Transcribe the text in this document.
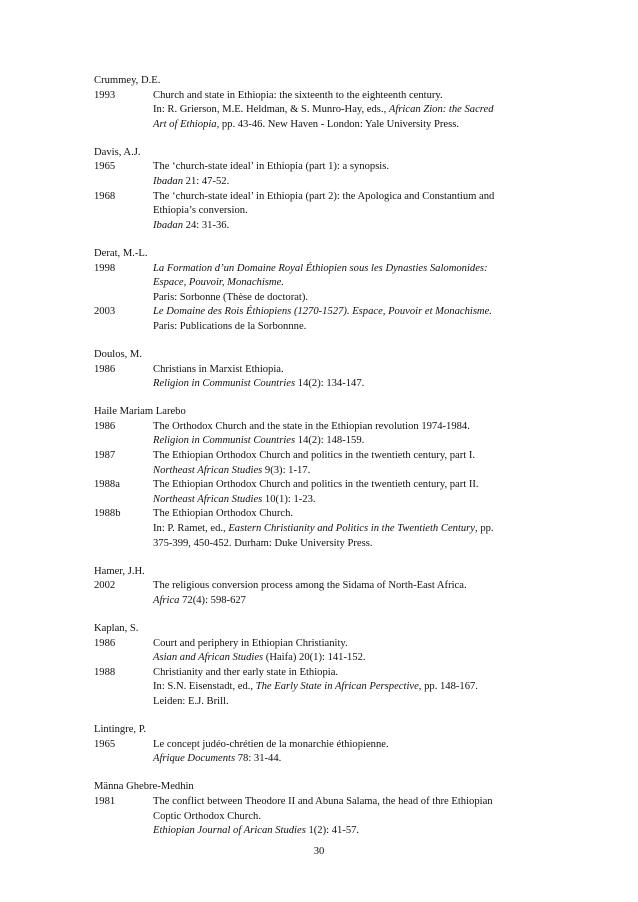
Crummey, D.E.
1993	Church and state in Ethiopia: the sixteenth to the eighteenth century.
In: R. Grierson, M.E. Heldman, & S. Munro-Hay, eds., African Zion: the Sacred
Art of Ethiopia, pp. 43-46. New Haven - London: Yale University Press.
Davis, A.J.
1965	The ‘church-state ideal’ in Ethiopia (part 1): a synopsis.
Ibadan 21: 47-52.
1968	The ‘church-state ideal’ in Ethiopia (part 2): the Apologica and Constantium and
Ethiopia’s conversion.
Ibadan 24: 31-36.
Derat, M.-L.
1998	La Formation d’un Domaine Royal Éthiopien sous les Dynasties Salomonides:
Espace, Pouvoir, Monachisme.
Paris: Sorbonne (Thèse de doctorat).
2003	Le Domaine des Rois Éthiopiens (1270-1527). Espace, Pouvoir et Monachisme.
Paris: Publications de la Sorbonnne.
Doulos, M.
1986	Christians in Marxist Ethiopia.
Religion in Communist Countries 14(2): 134-147.
Haile Mariam Larebo
1986	The Orthodox Church and the state in the Ethiopian revolution 1974-1984.
Religion in Communist Countries 14(2): 148-159.
1987	The Ethiopian Orthodox Church and politics in the twentieth century, part I.
Northeast African Studies 9(3): 1-17.
1988a	The Ethiopian Orthodox Church and politics in the twentieth century, part II.
Northeast African Studies 10(1): 1-23.
1988b	The Ethiopian Orthodox Church.
In: P. Ramet, ed., Eastern Christianity and Politics in the Twentieth Century, pp.
375-399, 450-452. Durham: Duke University Press.
Hamer, J.H.
2002	The religious conversion process among the Sidama of North-East Africa.
Africa 72(4): 598-627
Kaplan, S.
1986	Court and periphery in Ethiopian Christianity.
Asian and African Studies (Haifa) 20(1): 141-152.
1988	Christianity and ther early state in Ethiopia.
In: S.N. Eisenstadt, ed., The Early State in African Perspective, pp. 148-167.
Leiden: E.J. Brill.
Lintingre, P.
1965	Le concept judéo-chrétien de la monarchie éthiopienne.
Afrique Documents 78: 31-44.
Männa Ghebre-Medhin
1981	The conflict between Theodore II and Abuna Salama, the head of thre Ethiopian
Coptic Orthodox Church.
Ethiopian Journal of Arican Studies 1(2): 41-57.
30
